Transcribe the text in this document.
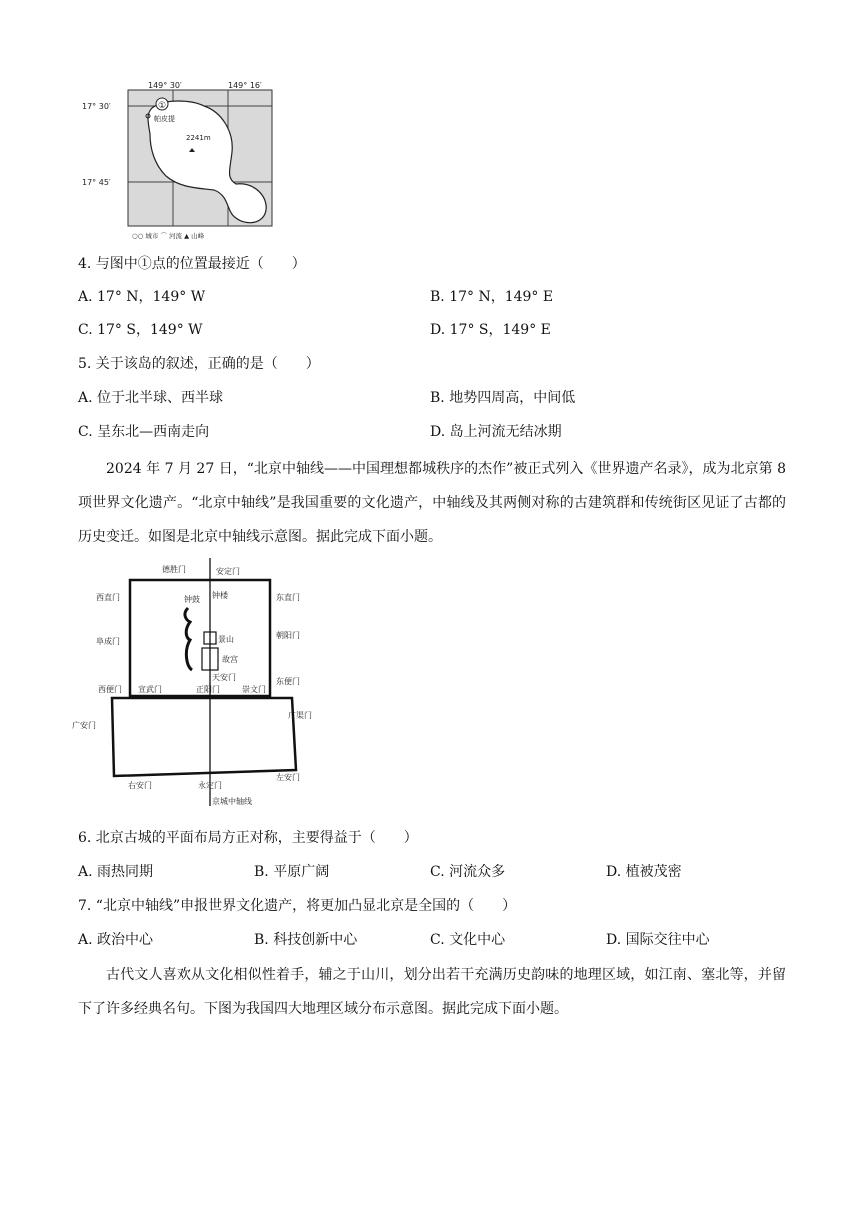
①
149° 30′	149° 16′
17° 30′
17° 45′
帕皮提
2241m
○○ 城市 ⌒ 河流 ▲ 山峰
4. 与图中①点的位置最接近（　　）
A. 17° N，149° W	B. 17° N，149° E
C. 17° S，149° W	D. 17° S，149° E
5. 关于该岛的叙述，正确的是（　　）
A. 位于北半球、西半球	B. 地势四周高，中间低
C. 呈东北—西南走向	D. 岛上河流无结冰期
2024 年 7 月 27 日，“北京中轴线——中国理想都城秩序的杰作”被正式列入《世界遗产名录》，成为北京第 8 项世界文化遗产。“北京中轴线”是我国重要的文化遗产，中轴线及其两侧对称的古建筑群和传统街区见证了古都的历史变迁。如图是北京中轴线示意图。据此完成下面小题。
德胜门	安定门
西直门	东直门
阜成门
朝阳门
西便门
东便门
宣武门	正阳门	崇文门
广安门
广渠门
右安门	永定门
左安门
钟鼓 钟楼
景山
故宫
天安门
京城中轴线
6. 北京古城的平面布局方正对称，主要得益于（　　）
A. 雨热同期	B. 平原广阔	C. 河流众多	D. 植被茂密
7. “北京中轴线”申报世界文化遗产，将更加凸显北京是全国的（　　）
A. 政治中心	B. 科技创新中心	C. 文化中心	D. 国际交往中心
古代文人喜欢从文化相似性着手，辅之于山川，划分出若干充满历史韵味的地理区域，如江南、塞北等，并留下了许多经典名句。下图为我国四大地理区域分布示意图。据此完成下面小题。
